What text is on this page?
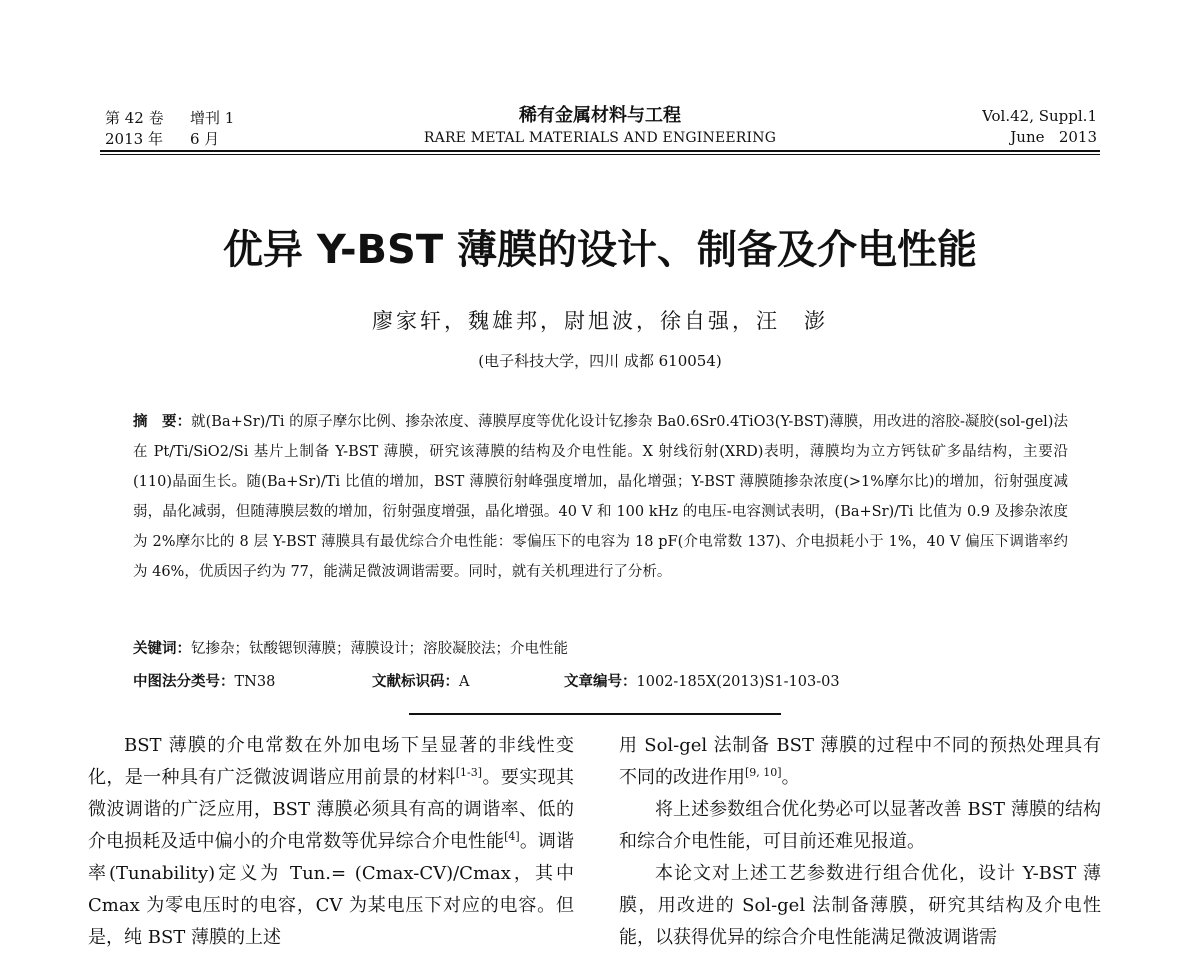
第 42 卷 增刊 1
2013 年 6 月
稀有金属材料与工程
RARE METAL MATERIALS AND ENGINEERING
Vol.42, Suppl.1
June   2013
优异 Y-BST 薄膜的设计、制备及介电性能
廖家轩，魏雄邦，尉旭波，徐自强，汪　澎
(电子科技大学，四川 成都 610054)
摘　要：就(Ba+Sr)/Ti 的原子摩尔比例、掺杂浓度、薄膜厚度等优化设计钇掺杂 Ba0.6Sr0.4TiO3(Y-BST)薄膜，用改进的溶胶-凝胶(sol-gel)法在 Pt/Ti/SiO2/Si 基片上制备 Y-BST 薄膜，研究该薄膜的结构及介电性能。X 射线衍射(XRD)表明，薄膜均为立方钙钛矿多晶结构，主要沿(110)晶面生长。随(Ba+Sr)/Ti 比值的增加，BST 薄膜衍射峰强度增加，晶化增强；Y-BST 薄膜随掺杂浓度(>1%摩尔比)的增加，衍射强度减弱，晶化减弱，但随薄膜层数的增加，衍射强度增强，晶化增强。40 V 和 100 kHz 的电压-电容测试表明，(Ba+Sr)/Ti 比值为 0.9 及掺杂浓度为 2%摩尔比的 8 层 Y-BST 薄膜具有最优综合介电性能：零偏压下的电容为 18 pF(介电常数 137)、介电损耗小于 1%，40 V 偏压下调谐率约为 46%，优质因子约为 77，能满足微波调谐需要。同时，就有关机理进行了分析。
关键词：钇掺杂；钛酸锶钡薄膜；薄膜设计；溶胶凝胶法；介电性能
中图法分类号：TN38	文献标识码：A	文章编号：1002-185X(2013)S1-103-03

BST 薄膜的介电常数在外加电场下呈显著的非线性变化，是一种具有广泛微波调谐应用前景的材料[1-3]。要实现其微波调谐的广泛应用，BST 薄膜必须具有高的调谐率、低的介电损耗及适中偏小的介电常数等优异综合介电性能[4]。调谐率(Tunability)定义为 Tun.= (Cmax-CV)/Cmax，其中 Cmax 为零电压时的电容，CV 为某电压下对应的电容。但是，纯 BST 薄膜的上述

用 Sol-gel 法制备 BST 薄膜的过程中不同的预热处理具有不同的改进作用[9, 10]。

将上述参数组合优化势必可以显著改善 BST 薄膜的结构和综合介电性能，可目前还难见报道。

本论文对上述工艺参数进行组合优化，设计 Y-BST 薄膜，用改进的 Sol-gel 法制备薄膜，研究其结构及介电性能，以获得优异的综合介电性能满足微波调谐需
